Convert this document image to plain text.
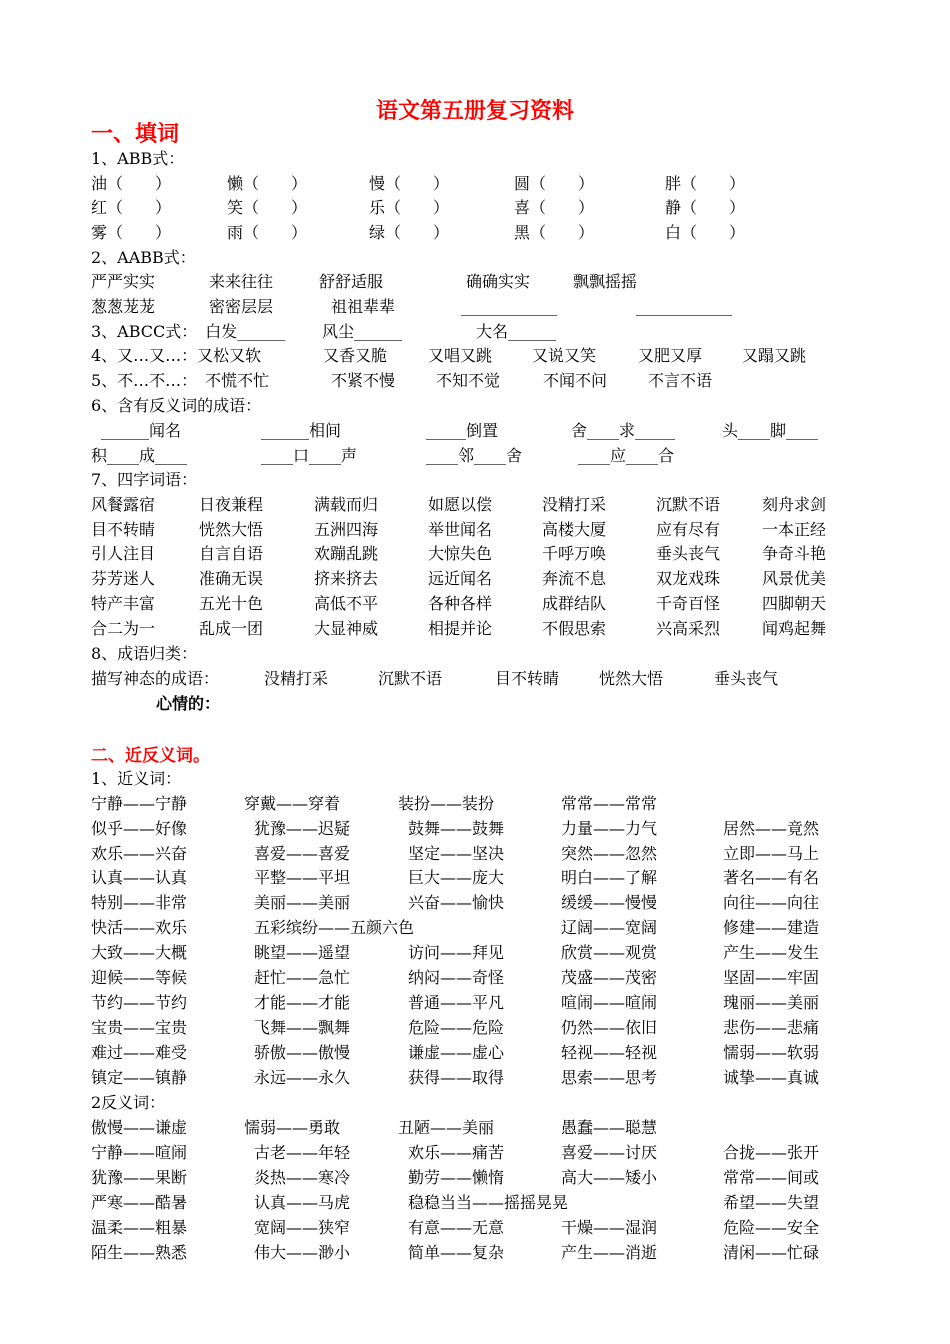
语文第五册复习资料
一、填词
二、近反义词。
1、ABB式：
油（　　）	懒（　　）	慢（　　）	圆（　　）	胖（　　）
红（　　）	笑（　　）	乐（　　）	喜（　　）	静（　　）
雾（　　）	雨（　　）	绿（　　）	黑（　　）	白（　　）
2、AABB式：
严严实实	来来往往	舒舒适服	确确实实	飘飘摇摇
葱葱茏茏	密密层层	祖祖辈辈	____________	____________
3、ABCC式：　白发______ 风尘______	大名______
4、又…又…：又松又软	又香又脆	又唱又跳 又说又笑	又肥又厚 又蹋又跳
5、不…不…：　不慌不忙	不紧不慢	不知不觉	不闻不问	不言不语
6、含有反义词的成语：
______闻名	______相间	_____倒置	舍____求_____	头____脚____
积____成____	____口____声	____邻____舍	____应____合
7、四字词语：
风餐露宿	日夜兼程	满载而归	如愿以偿	没精打采	沉默不语	刻舟求剑
目不转睛	恍然大悟	五洲四海	举世闻名	高楼大厦	应有尽有	一本正经
引人注目	自言自语	欢蹦乱跳	大惊失色	千呼万唤	垂头丧气	争奇斗艳
芬芳迷人	准确无误	挤来挤去	远近闻名	奔流不息	双龙戏珠	风景优美
特产丰富	五光十色	高低不平	各种各样	成群结队	千奇百怪	四脚朝天
合二为一	乱成一团	大显神威	相提并论	不假思索	兴高采烈	闻鸡起舞
8、成语归类：
描写神态的成语：	没精打采	沉默不语	目不转睛 恍然大悟	垂头丧气
心情的：
1、近义词：
宁静——宁静	穿戴——穿着	装扮——装扮	常常——常常
似乎——好像	犹豫——迟疑	鼓舞——鼓舞	力量——力气	居然——竟然
欢乐——兴奋	喜爱——喜爱	坚定——坚决	突然——忽然	立即——马上
认真——认真	平整——平坦	巨大——庞大	明白——了解	著名——有名
特别——非常	美丽——美丽	兴奋——愉快	缓缓——慢慢	向往——向往
快活——欢乐	五彩缤纷——五颜六色	辽阔——宽阔	修建——建造
大致——大概	眺望——遥望	访问——拜见	欣赏——观赏	产生——发生
迎候——等候	赶忙——急忙	纳闷——奇怪	茂盛——茂密	坚固——牢固
节约——节约	才能——才能	普通——平凡	喧闹——喧闹	瑰丽——美丽
宝贵——宝贵	飞舞——飘舞	危险——危险	仍然——依旧	悲伤——悲痛
难过——难受	骄傲——傲慢	谦虚——虚心	轻视——轻视	懦弱——软弱
镇定——镇静	永远——永久	获得——取得	思索——思考	诚挚——真诚
2反义词：
傲慢——谦虚	懦弱——勇敢	丑陋——美丽	愚蠢——聪慧
宁静——喧闹	古老——年轻	欢乐——痛苦	喜爱——讨厌	合拢——张开
犹豫——果断	炎热——寒冷	勤劳——懒惰	高大——矮小	常常——间或
严寒——酷暑	认真——马虎	稳稳当当——摇摇晃晃	希望——失望
温柔——粗暴	宽阔——狭窄	有意——无意	干燥——湿润	危险——安全
陌生——熟悉	伟大——渺小	简单——复杂	产生——消逝	清闲——忙碌
